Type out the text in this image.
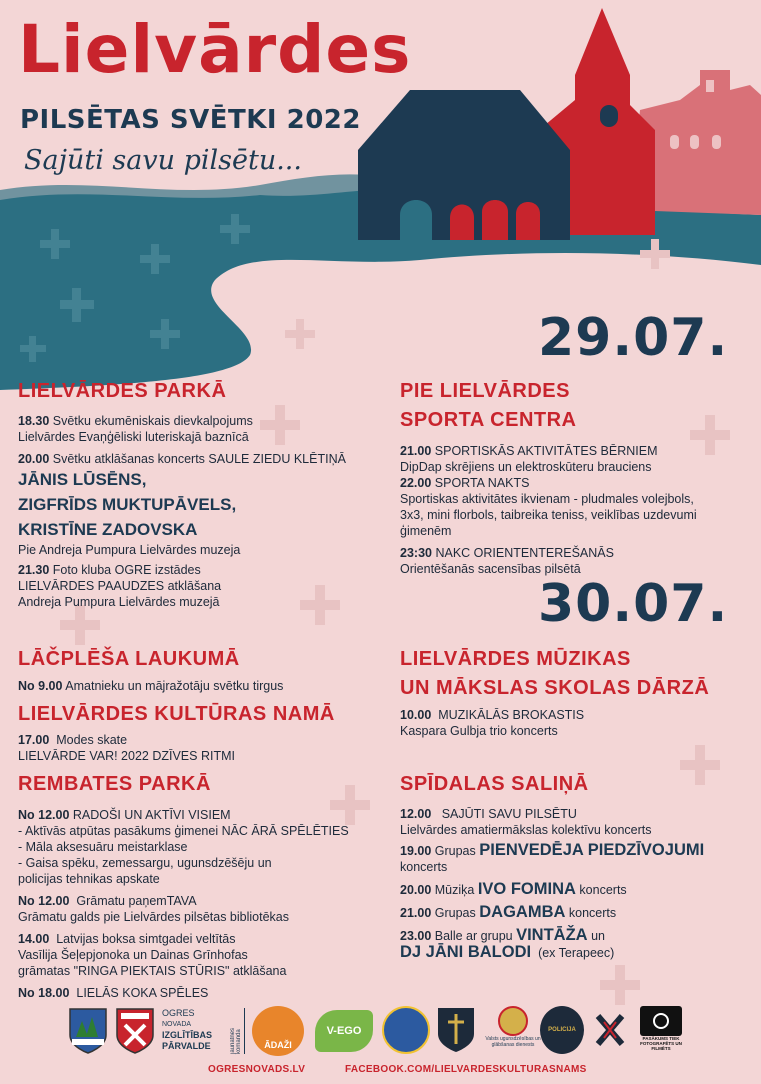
Lielvārdes
PILSĒTAS SVĒTKI 2022
Sajūti savu pilsētu...
29.07.
LIELVĀRDES PARKĀ
18.30 Svētku ekumēniskais dievkalpojums
Lielvārdes Evaņģēliski luteriskajā baznīcā
20.00 Svētku atklāšanas koncerts SAULE ZIEDU KLĒTIŅĀ
JĀNIS LŪSĒNS,
ZIGFRĪDS MUKTUPĀVELS,
KRISTĪNE ZADOVSKA
Pie Andreja Pumpura Lielvārdes muzeja
21.30 Foto kluba OGRE izstādes
LIELVĀRDES PAAUDZES atklāšana
Andreja Pumpura Lielvārdes muzejā
PIE LIELVĀRDES
SPORTA CENTRA
21.00 SPORTISKĀS AKTIVITĀTES BĒRNIEM
DipDap skrējiens un elektroskūteru brauciens
22.00 SPORTA NAKTS
Sportiskas aktivitātes ikvienam - pludmales volejbols,
3x3, mini florbols, taibreika teniss, veiklības uzdevumi
ģimenēm
23:30 NAKC ORIENTENTEREŠANĀS
Orientēšanās sacensības pilsētā
30.07.
LĀČPLĒŠA LAUKUMĀ
No 9.00 Amatnieku un mājražotāju svētku tirgus
LIELVĀRDES KULTŪRAS NAMĀ
17.00 Modes skate
LIELVĀRDE VAR! 2022 DZĪVES RITMI
REMBATES PARKĀ
No 12.00 RADOŠI UN AKTĪVI VISIEM
- Aktīvās atpūtas pasākums ģimenei NĀC ĀRĀ SPĒLĒTIES
- Māla aksesuāru meistarklase
- Gaisa spēku, zemessargu, ugunsdzēšēju un
policijas tehnikas apskate
No 12.00 Grāmatu paņemTAVA
Grāmatu galds pie Lielvārdes pilsētas bibliotēkas
14.00 Latvijas boksa simtgadei veltītās
Vasīlija Šeļepjonoka un Dainas Grīnhofas
grāmatas "RINGA PIEKTAIS STŪRIS" atklāšana
No 18.00 LIELĀS KOKA SPĒLES
LIELVĀRDES MŪZIKAS
UN MĀKSLAS SKOLAS DĀRZĀ
10.00 MUZIKĀLĀS BROKASTIS
Kaspara Gulbja trio koncerts
SPĪDALAS SALIŅĀ
12.00 SAJŪTI SAVU PILSĒTU
Lielvārdes amatiermākslas kolektīvu koncerts
19.00 Grupas PIENVEDĒJA PIEDZĪVOJUMI
koncerts
20.00 Mūziķa IVO FOMINA koncerts
21.00 Grupas DAGAMBA koncerts
23.00 Balle ar grupu VINTĀŽA un
DJ JĀNI BALODI (ex Terapeec)
OGRES
NOVADA
IZGLĪTĪBAS
PĀRVALDE	jaunatnes komanda	ĀDAŽI
V-EGO
Valsts ugunsdzēsības un glābšanas dienests
POLICIJA
PASĀKUMS TIEK FOTOGRAFĒTS UN FILMĒTS
OGRESNOVADS.LV	FACEBOOK.COM/LIELVARDESKULTURASNAMS
